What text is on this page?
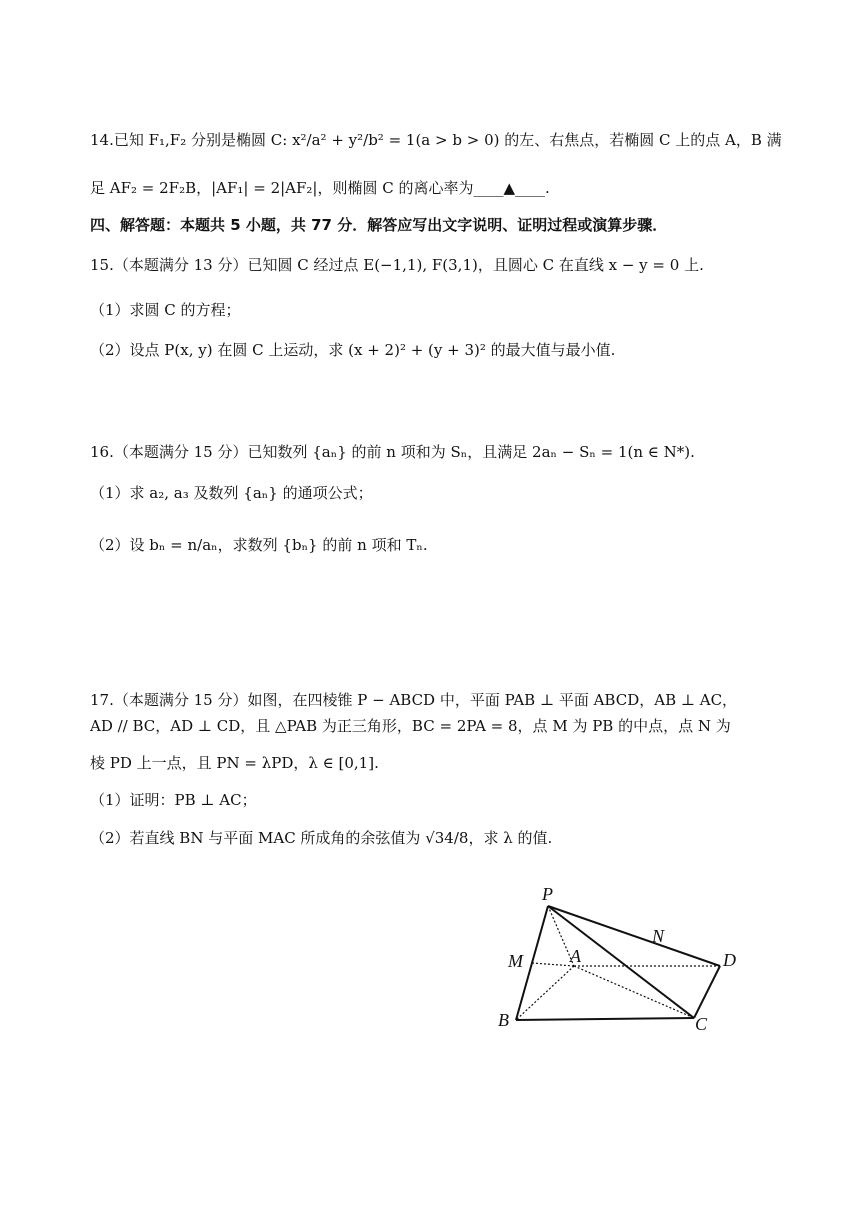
14.已知 F₁,F₂ 分别是椭圆 C: x²/a² + y²/b² = 1(a > b > 0) 的左、右焦点，若椭圆 C 上的点 A，B 满
足 AF₂ = 2F₂B，|AF₁| = 2|AF₂|，则椭圆 C 的离心率为____▲____.
四、解答题：本题共 5 小题，共 77 分．解答应写出文字说明、证明过程或演算步骤．
15.（本题满分 13 分）已知圆 C 经过点 E(−1,1), F(3,1)，且圆心 C 在直线 x − y = 0 上.
（1）求圆 C 的方程；
（2）设点 P(x, y) 在圆 C 上运动，求 (x + 2)² + (y + 3)² 的最大值与最小值.
16.（本题满分 15 分）已知数列 {aₙ} 的前 n 项和为 Sₙ，且满足 2aₙ − Sₙ = 1(n ∈ N*).
（1）求 a₂, a₃ 及数列 {aₙ} 的通项公式；
（2）设 bₙ = n/aₙ，求数列 {bₙ} 的前 n 项和 Tₙ.
17.（本题满分 15 分）如图，在四棱锥 P − ABCD 中，平面 PAB ⊥ 平面 ABCD，AB ⊥ AC，
AD // BC，AD ⊥ CD，且 △PAB 为正三角形，BC = 2PA = 8，点 M 为 PB 的中点，点 N 为
棱 PD 上一点，且 PN = λPD，λ ∈ [0,1].
（1）证明：PB ⊥ AC；
（2）若直线 BN 与平面 MAC 所成角的余弦值为 √34/8，求 λ 的值.
P
A
B	C
D
M
N
